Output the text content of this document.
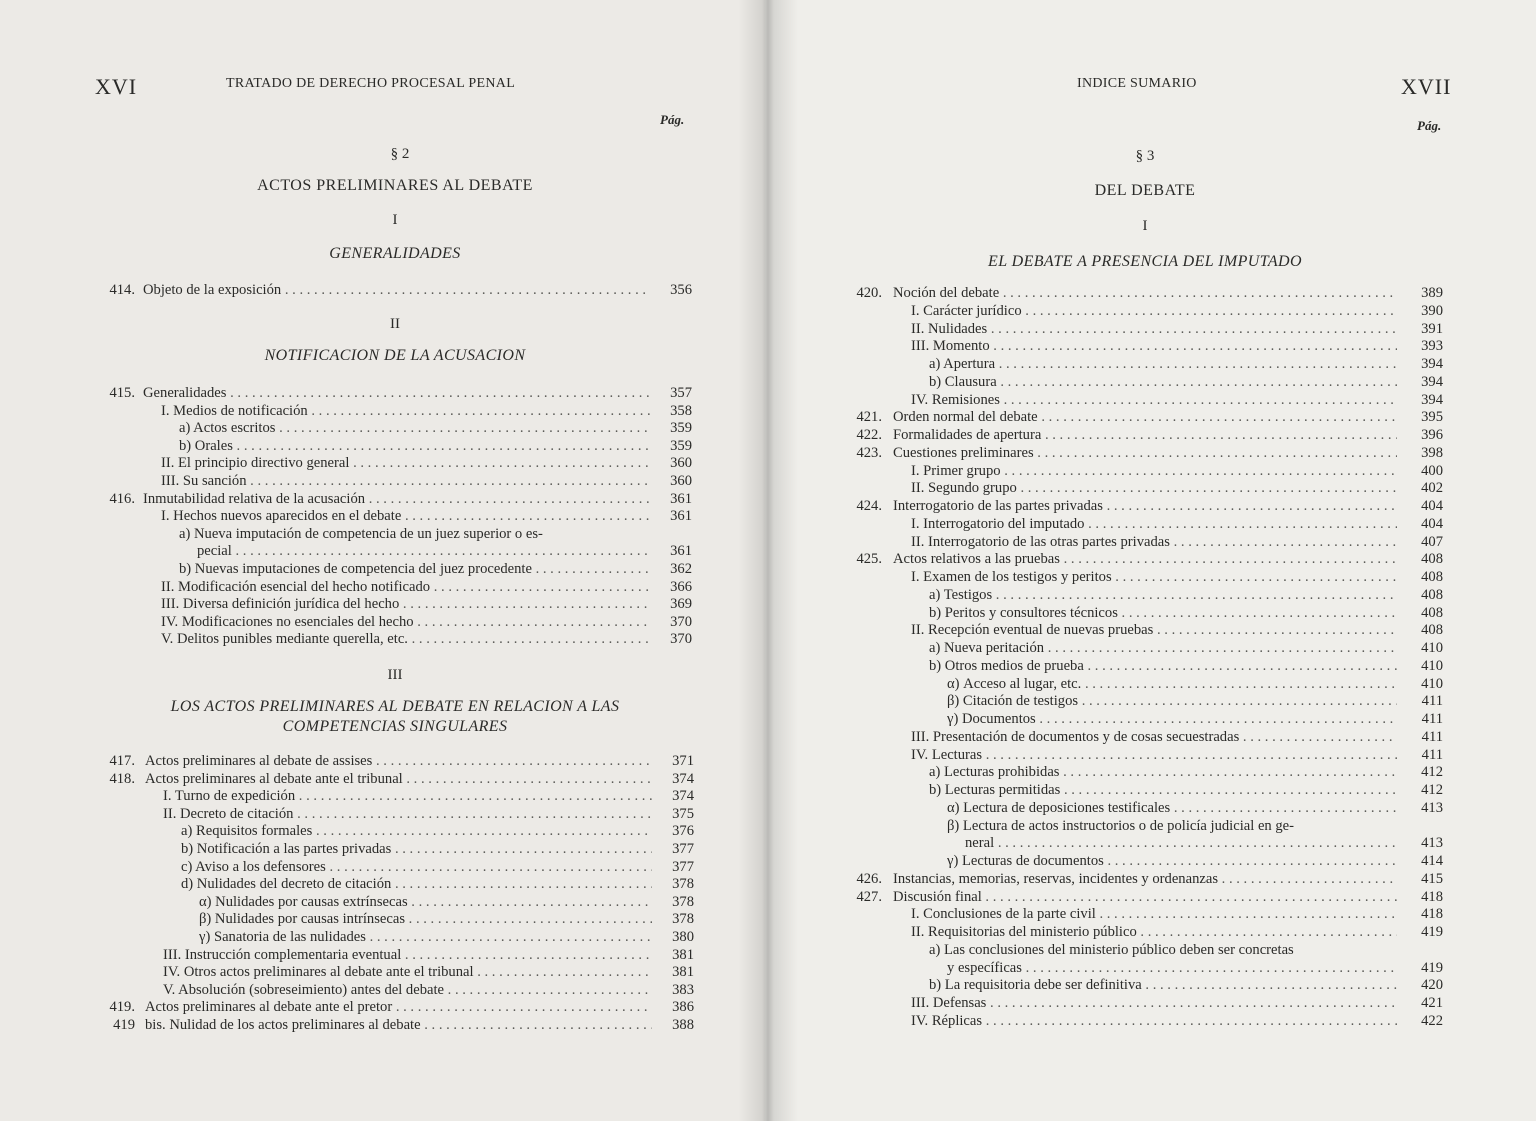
XVI	TRATADO DE DERECHO PROCESAL PENAL
Pág.
§ 2
ACTOS PRELIMINARES AL DEBATE
I
GENERALIDADES
414. Objeto de la exposición . . .	356
II
NOTIFICACION DE LA ACUSACION
415. Generalidades . . .	357
I. Medios de notificación . . .	358
a) Actos escritos . . .	359
b) Orales . . .	359
II. El principio directivo general . . .	360
III. Su sanción . . .	360
416. Inmutabilidad relativa de la acusación . . .	361
I. Hechos nuevos aparecidos en el debate . . .	361
a) Nueva imputación de competencia de un juez superior o es-
pecial . . .	361
b) Nuevas imputaciones de competencia del juez procedente . . .	362
II. Modificación esencial del hecho notificado . . .	366
III. Diversa definición jurídica del hecho . . .	369
IV. Modificaciones no esenciales del hecho . . .	370
V. Delitos punibles mediante querella, etc. . . .	370
III
LOS ACTOS PRELIMINARES AL DEBATE EN RELACION A LAS
COMPETENCIAS SINGULARES
417. Actos preliminares al debate de assises . . .	371
418. Actos preliminares al debate ante el tribunal . . .	374
I. Turno de expedición . . .	374
II. Decreto de citación . . .	375
a) Requisitos formales . . .	376
b) Notificación a las partes privadas . . .	377
c) Aviso a los defensores . . .	377
d) Nulidades del decreto de citación . . .	378
α) Nulidades por causas extrínsecas . . .	378
β) Nulidades por causas intrínsecas . . .	378
γ) Sanatoria de las nulidades . . .	380
III. Instrucción complementaria eventual . . .	381
IV. Otros actos preliminares al debate ante el tribunal . . .	381
V. Absolución (sobreseimiento) antes del debate . . .	383
419. Actos preliminares al debate ante el pretor . . .	386
419 bis. Nulidad de los actos preliminares al debate . . .	388
INDICE SUMARIO	XVII
Pág.
§ 3
DEL DEBATE
I
EL DEBATE A PRESENCIA DEL IMPUTADO
420. Noción del debate . . .	389
I. Carácter jurídico . . .	390
II. Nulidades . . .	391
III. Momento . . .	393
a) Apertura . . .	394
b) Clausura . . .	394
IV. Remisiones . . .	394
421. Orden normal del debate . . .	395
422. Formalidades de apertura . . .	396
423. Cuestiones preliminares . . .	398
I. Primer grupo . . .	400
II. Segundo grupo . . .	402
424. Interrogatorio de las partes privadas . . .	404
I. Interrogatorio del imputado . . .	404
II. Interrogatorio de las otras partes privadas . . .	407
425. Actos relativos a las pruebas . . .	408
I. Examen de los testigos y peritos . . .	408
a) Testigos . . .	408
b) Peritos y consultores técnicos . . .	408
II. Recepción eventual de nuevas pruebas . . .	408
a) Nueva peritación . . .	410
b) Otros medios de prueba . . .	410
α) Acceso al lugar, etc. . . .	410
β) Citación de testigos . . .	411
γ) Documentos . . .	411
III. Presentación de documentos y de cosas secuestradas . . .	411
IV. Lecturas . . .	411
a) Lecturas prohibidas . . .	412
b) Lecturas permitidas . . .	412
α) Lectura de deposiciones testificales . . .	413
β) Lectura de actos instructorios o de policía judicial en ge-
neral . . .	413
γ) Lecturas de documentos . . .	414
426. Instancias, memorias, reservas, incidentes y ordenanzas . . .	415
427. Discusión final . . .	418
I. Conclusiones de la parte civil . . .	418
II. Requisitorias del ministerio público . . .	419
a) Las conclusiones del ministerio público deben ser concretas
y específicas . . .	419
b) La requisitoria debe ser definitiva . . .	420
III. Defensas . . .	421
IV. Réplicas . . .	422
